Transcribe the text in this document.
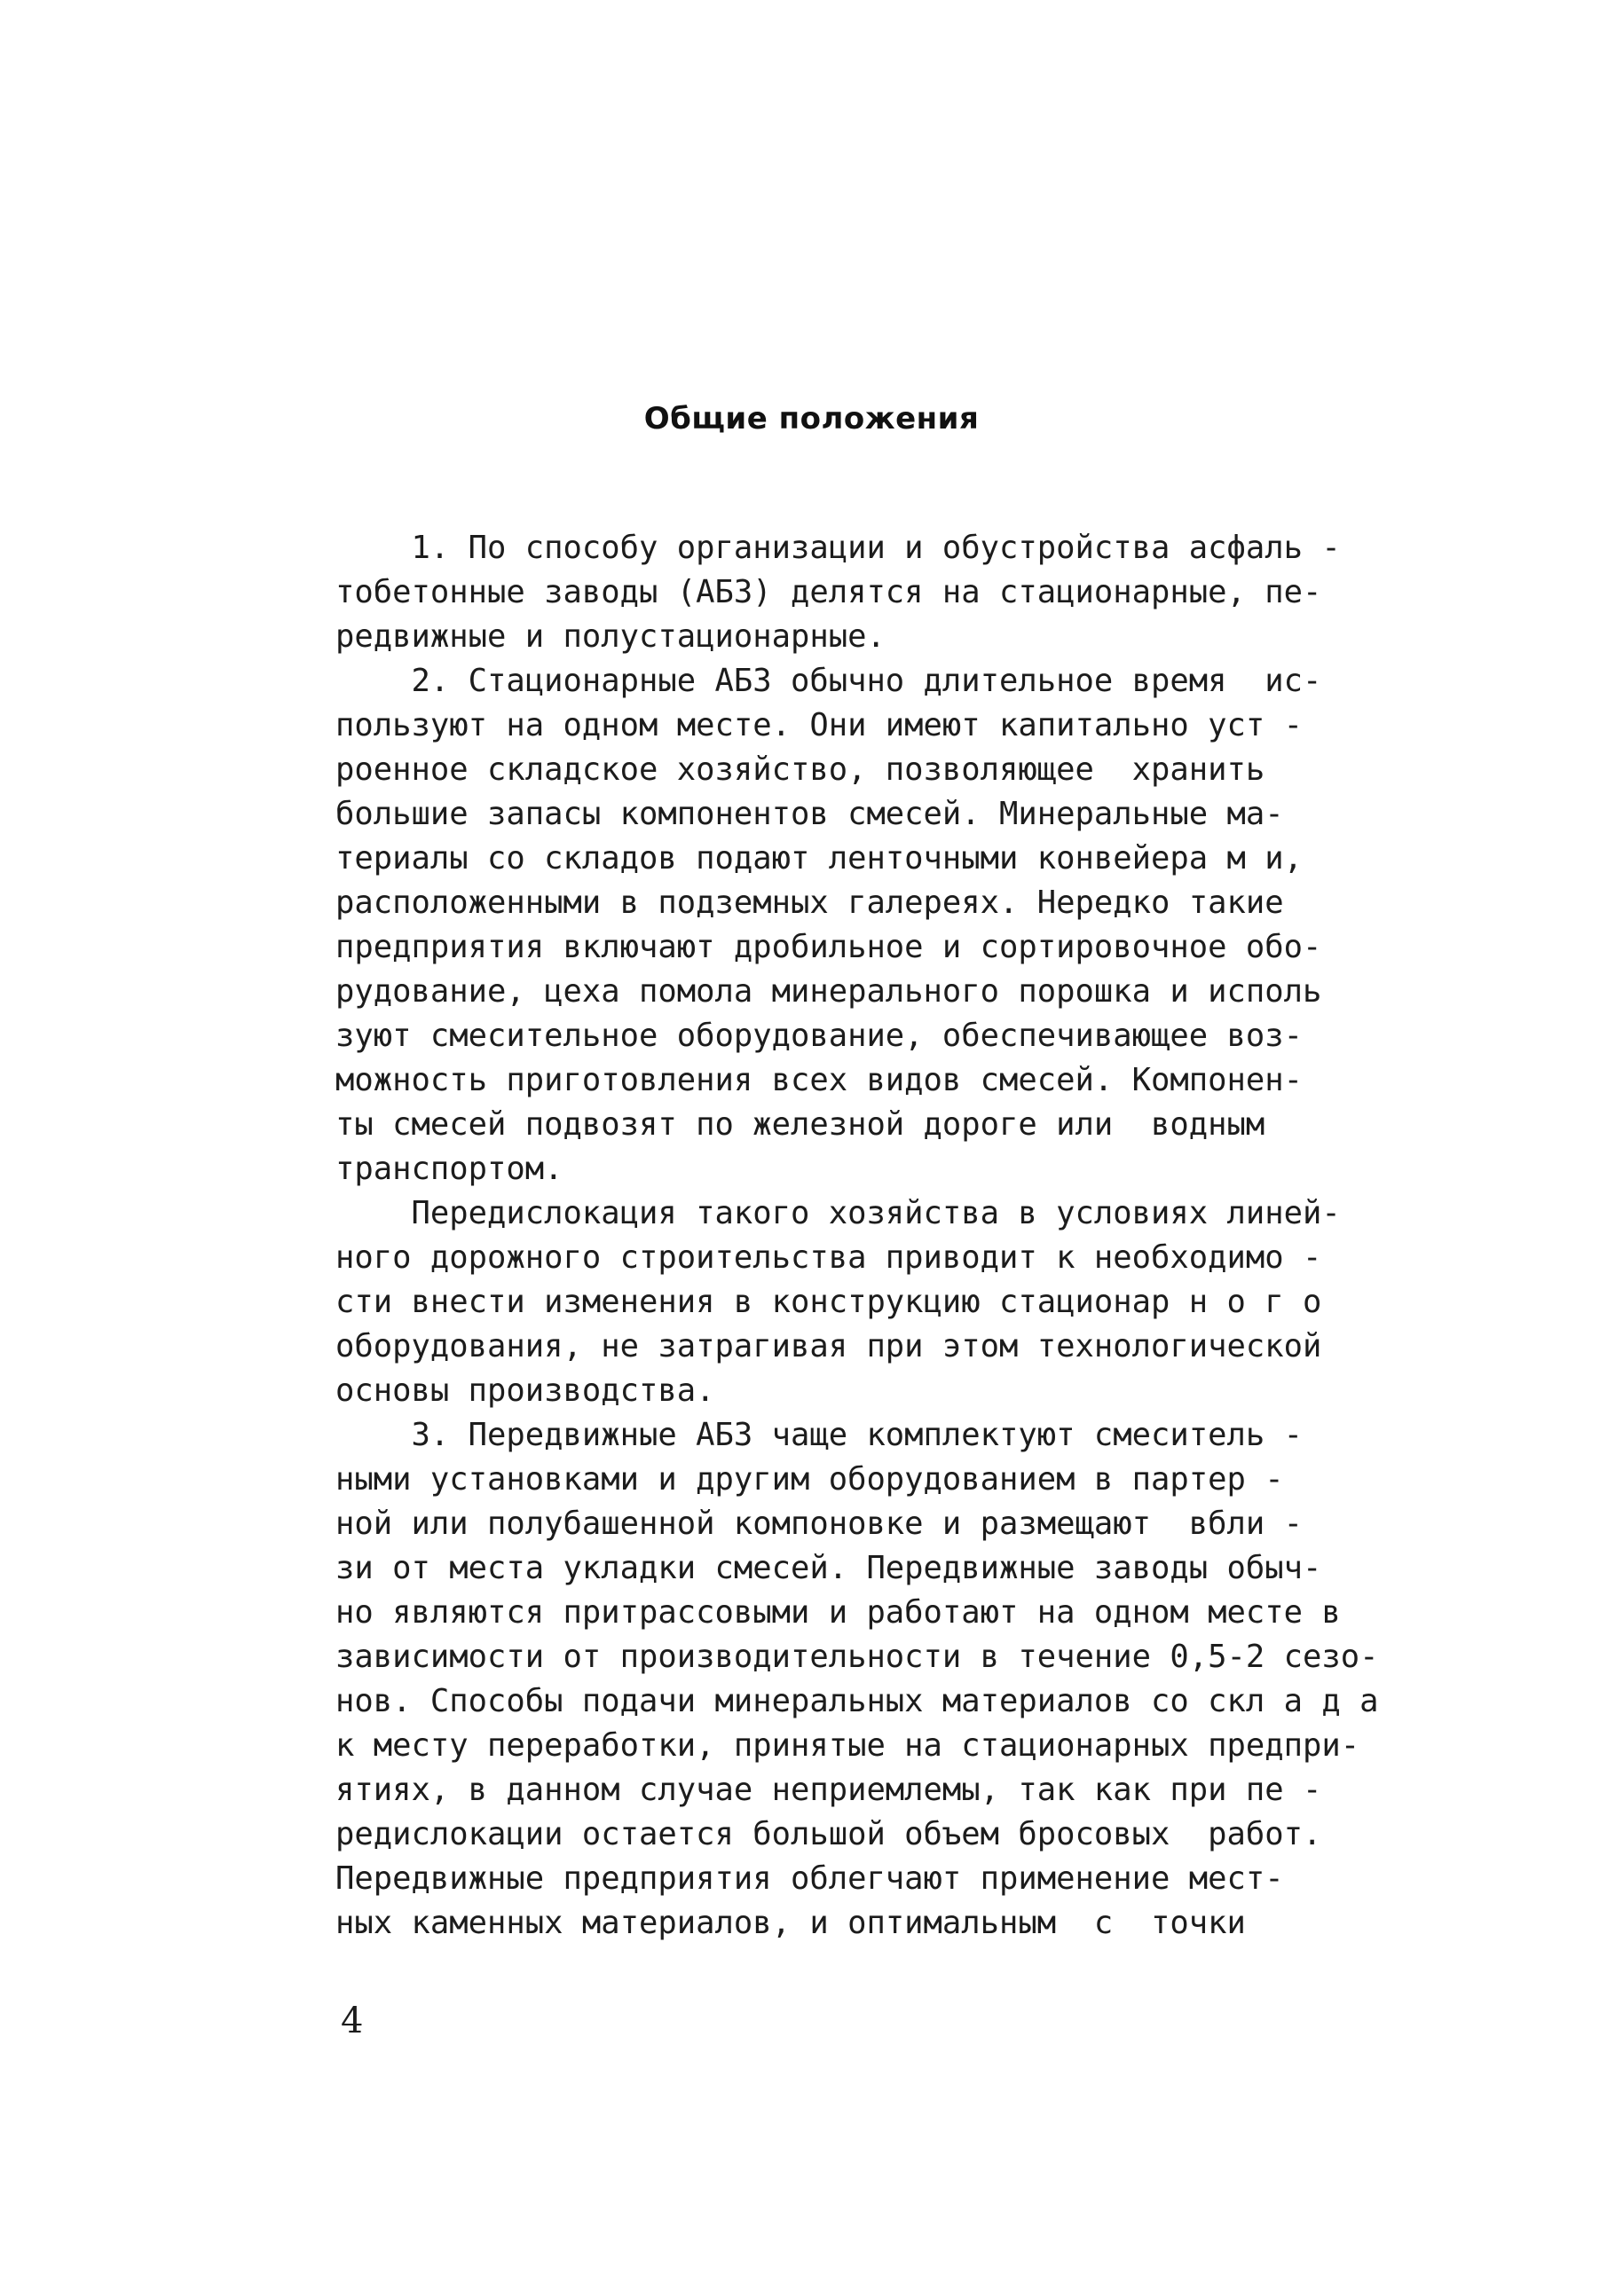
Общие положения
1. По способу организации и обустройства асфаль -
тобетонные заводы (АБЗ) делятся на стационарные, пе-
редвижные и полустационарные.
2. Стационарные АБЗ обычно длительное время  ис-
пользуют на одном месте. Они имеют капитально уст -
роенное складское хозяйство, позволяющее  хранить
большие запасы компонентов смесей. Минеральные ма-
териалы со складов подают ленточными конвейера м и,
расположенными в подземных галереях. Нередко такие
предприятия включают дробильное и сортировочное обо-
рудование, цеха помола минерального порошка и исполь
зуют смесительное оборудование, обеспечивающее воз-
можность приготовления всех видов смесей. Компонен-
ты смесей подвозят по железной дороге или  водным
транспортом.
Передислокация такого хозяйства в условиях линей-
ного дорожного строительства приводит к необходимо -
сти внести изменения в конструкцию стационар н о г о
оборудования, не затрагивая при этом технологической
основы производства.
3. Передвижные АБЗ чаще комплектуют смеситель -
ными установками и другим оборудованием в партер -
ной или полубашенной компоновке и размещают  вбли -
зи от места укладки смесей. Передвижные заводы обыч-
но являются притрассовыми и работают на одном месте в
зависимости от производительности в течение 0,5-2 сезо-
нов. Способы подачи минеральных материалов со скл а д а
к месту переработки, принятые на стационарных предпри-
ятиях, в данном случае неприемлемы, так как при пе -
редислокации остается большой объем бросовых  работ.
Передвижные предприятия облегчают применение мест-
ных каменных материалов, и оптимальным  с  точки
4
